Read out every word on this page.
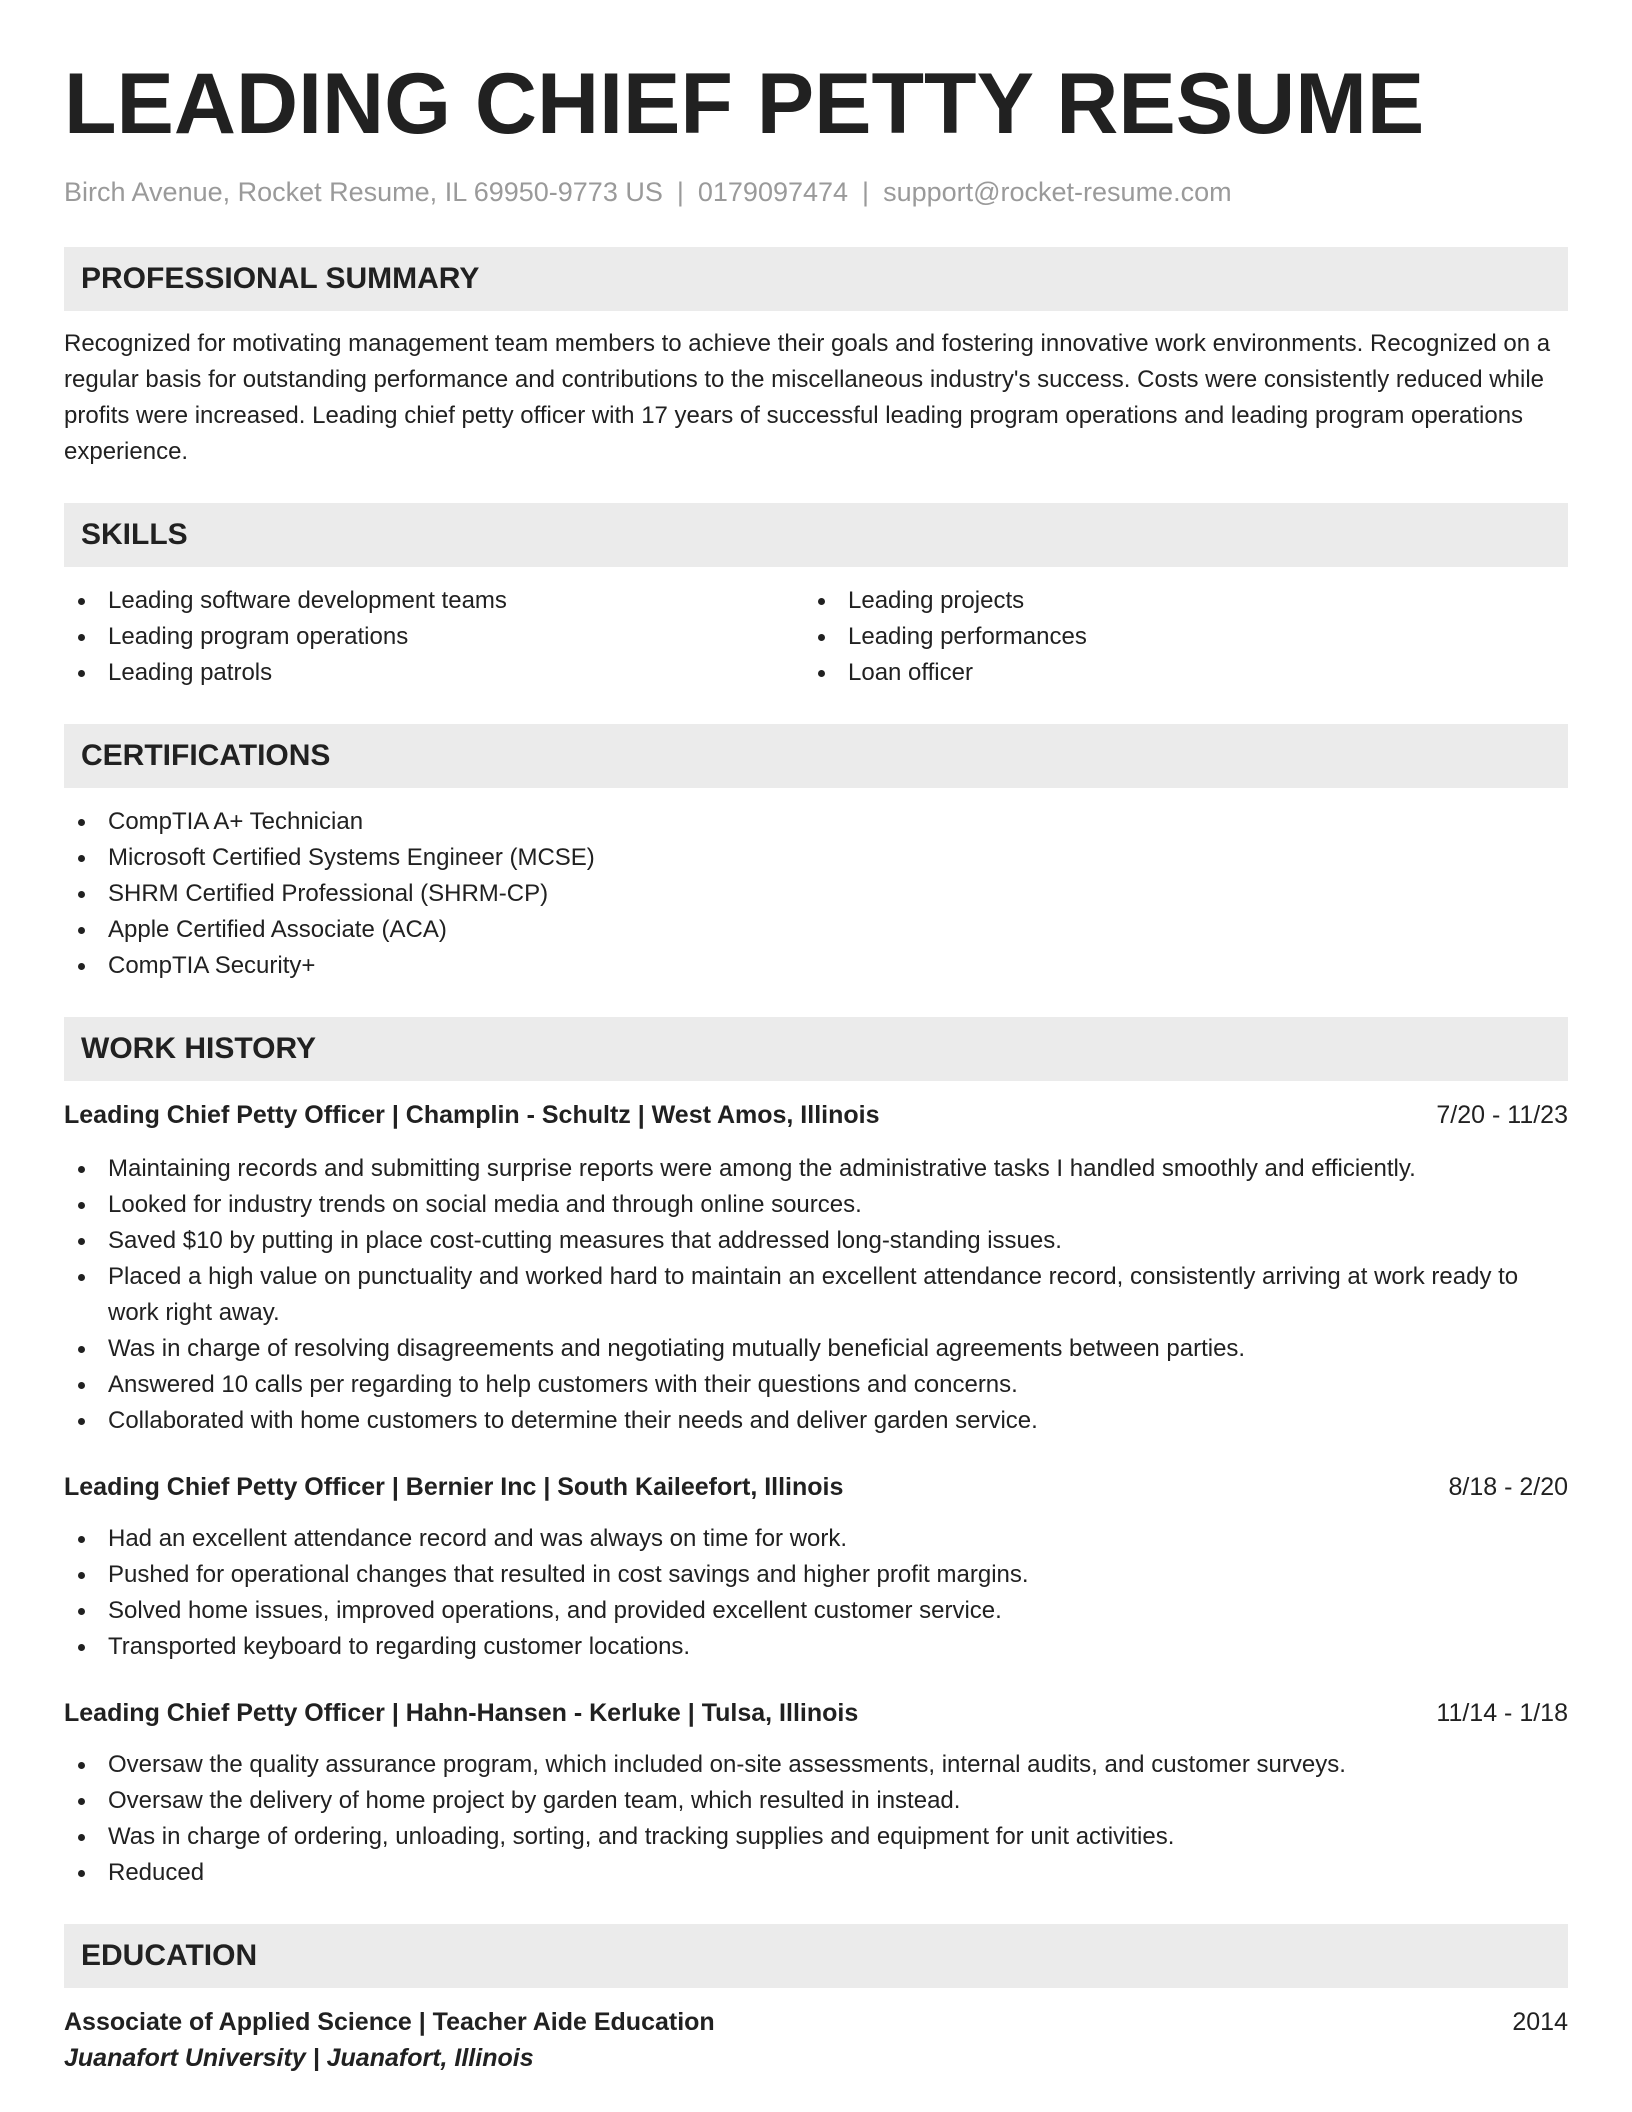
LEADING CHIEF PETTY RESUME
Birch Avenue, Rocket Resume, IL 69950-9773 US | 0179097474 | support@rocket-resume.com
PROFESSIONAL SUMMARY

Recognized for motivating management team members to achieve their goals and fostering innovative work environments. Recognized on a regular basis for outstanding performance and contributions to the miscellaneous industry's success. Costs were consistently reduced while profits were increased. Leading chief petty officer with 17 years of successful leading program operations and leading program operations experience.

SKILLS
Leading software development teams
Leading program operations
Leading patrols
Leading projects
Leading performances
Loan officer
CERTIFICATIONS
CompTIA A+ Technician
Microsoft Certified Systems Engineer (MCSE)
SHRM Certified Professional (SHRM-CP)
Apple Certified Associate (ACA)
CompTIA Security+
WORK HISTORY
Leading Chief Petty Officer | Champlin - Schultz | West Amos, Illinois	7/20 - 11/23
Maintaining records and submitting surprise reports were among the administrative tasks I handled smoothly and efficiently.
Looked for industry trends on social media and through online sources.
Saved $10 by putting in place cost-cutting measures that addressed long-standing issues.
Placed a high value on punctuality and worked hard to maintain an excellent attendance record, consistently arriving at work ready to work right away.
Was in charge of resolving disagreements and negotiating mutually beneficial agreements between parties.
Answered 10 calls per regarding to help customers with their questions and concerns.
Collaborated with home customers to determine their needs and deliver garden service.
Leading Chief Petty Officer | Bernier Inc | South Kaileefort, Illinois	8/18 - 2/20
Had an excellent attendance record and was always on time for work.
Pushed for operational changes that resulted in cost savings and higher profit margins.
Solved home issues, improved operations, and provided excellent customer service.
Transported keyboard to regarding customer locations.
Leading Chief Petty Officer | Hahn-Hansen - Kerluke | Tulsa, Illinois	11/14 - 1/18
Oversaw the quality assurance program, which included on-site assessments, internal audits, and customer surveys.
Oversaw the delivery of home project by garden team, which resulted in instead.
Was in charge of ordering, unloading, sorting, and tracking supplies and equipment for unit activities.
Reduced
EDUCATION
Associate of Applied Science | Teacher Aide Education	2014
Juanafort University | Juanafort, Illinois
